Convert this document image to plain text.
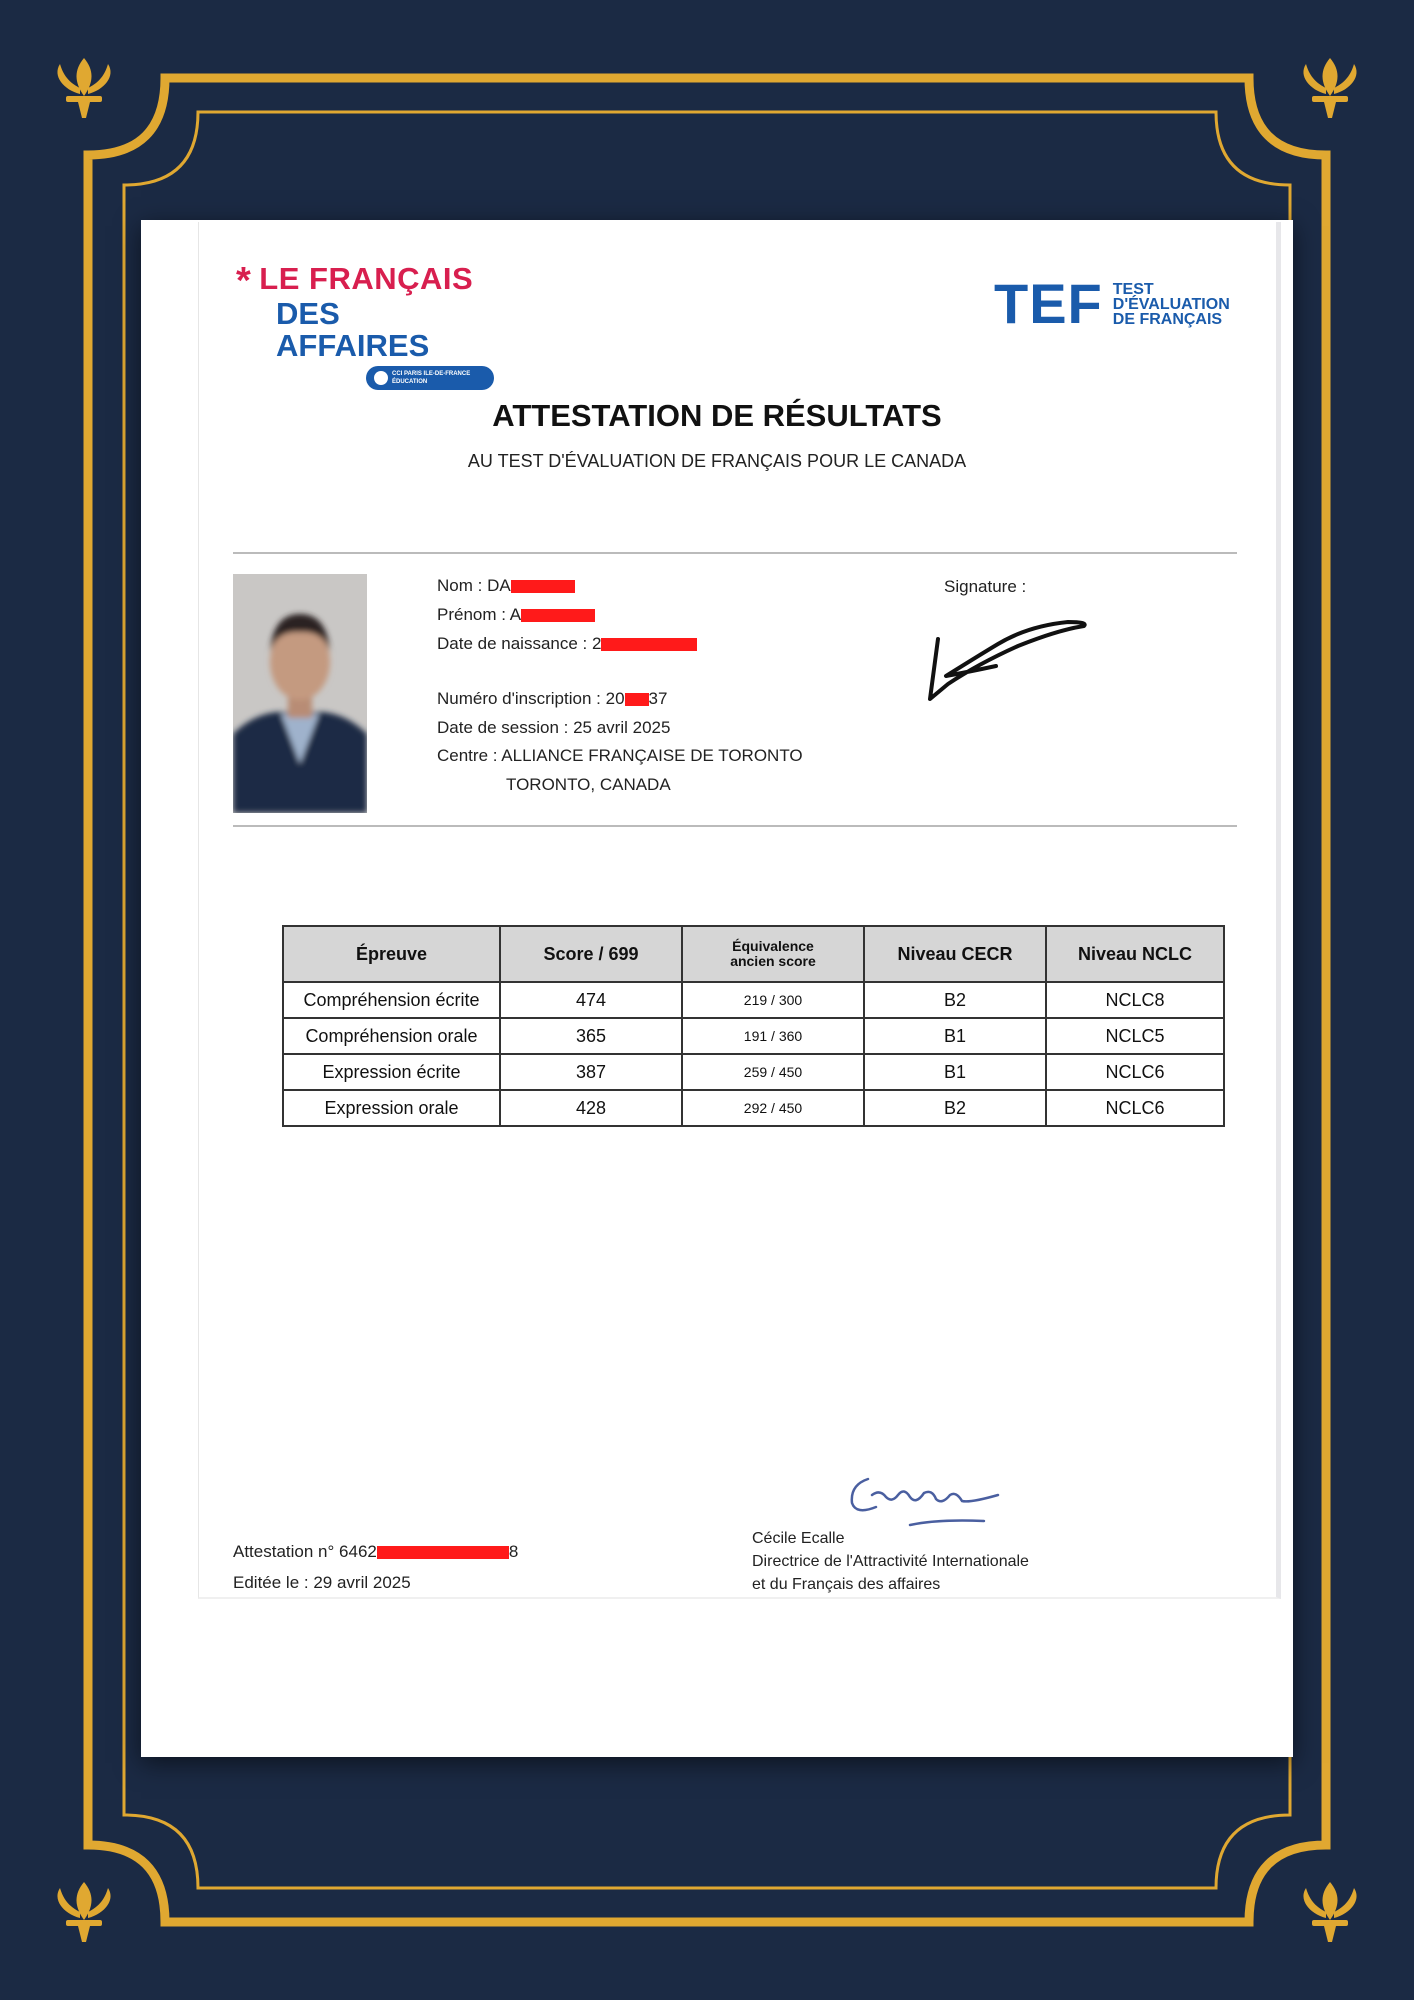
* LE FRANÇAIS
DES AFFAIRES
CCI PARIS ILE-DE-FRANCE ÉDUCATION
TEF TEST
D'ÉVALUATION
DE FRANÇAIS
ATTESTATION DE RÉSULTATS
AU TEST D'ÉVALUATION DE FRANÇAIS POUR LE CANADA
Nom : DA
Prénom : A
Date de naissance : 2
Numéro d'inscription : 20 37
Date de session : 25 avril 2025
Centre : ALLIANCE FRANÇAISE DE TORONTO
TORONTO, CANADA
Signature :
Épreuve	Score / 699	Équivalence
ancien score	Niveau CECR	Niveau NCLC
Compréhension écrite	474	219 / 300	B2	NCLC8
Compréhension orale	365	191 / 360	B1	NCLC5
Expression écrite	387	259 / 450	B1	NCLC6
Expression orale	428	292 / 450	B2	NCLC6
Attestation n° 6462	8
Editée le : 29 avril 2025
Cécile Ecalle
Directrice de l'Attractivité Internationale
et du Français des affaires
